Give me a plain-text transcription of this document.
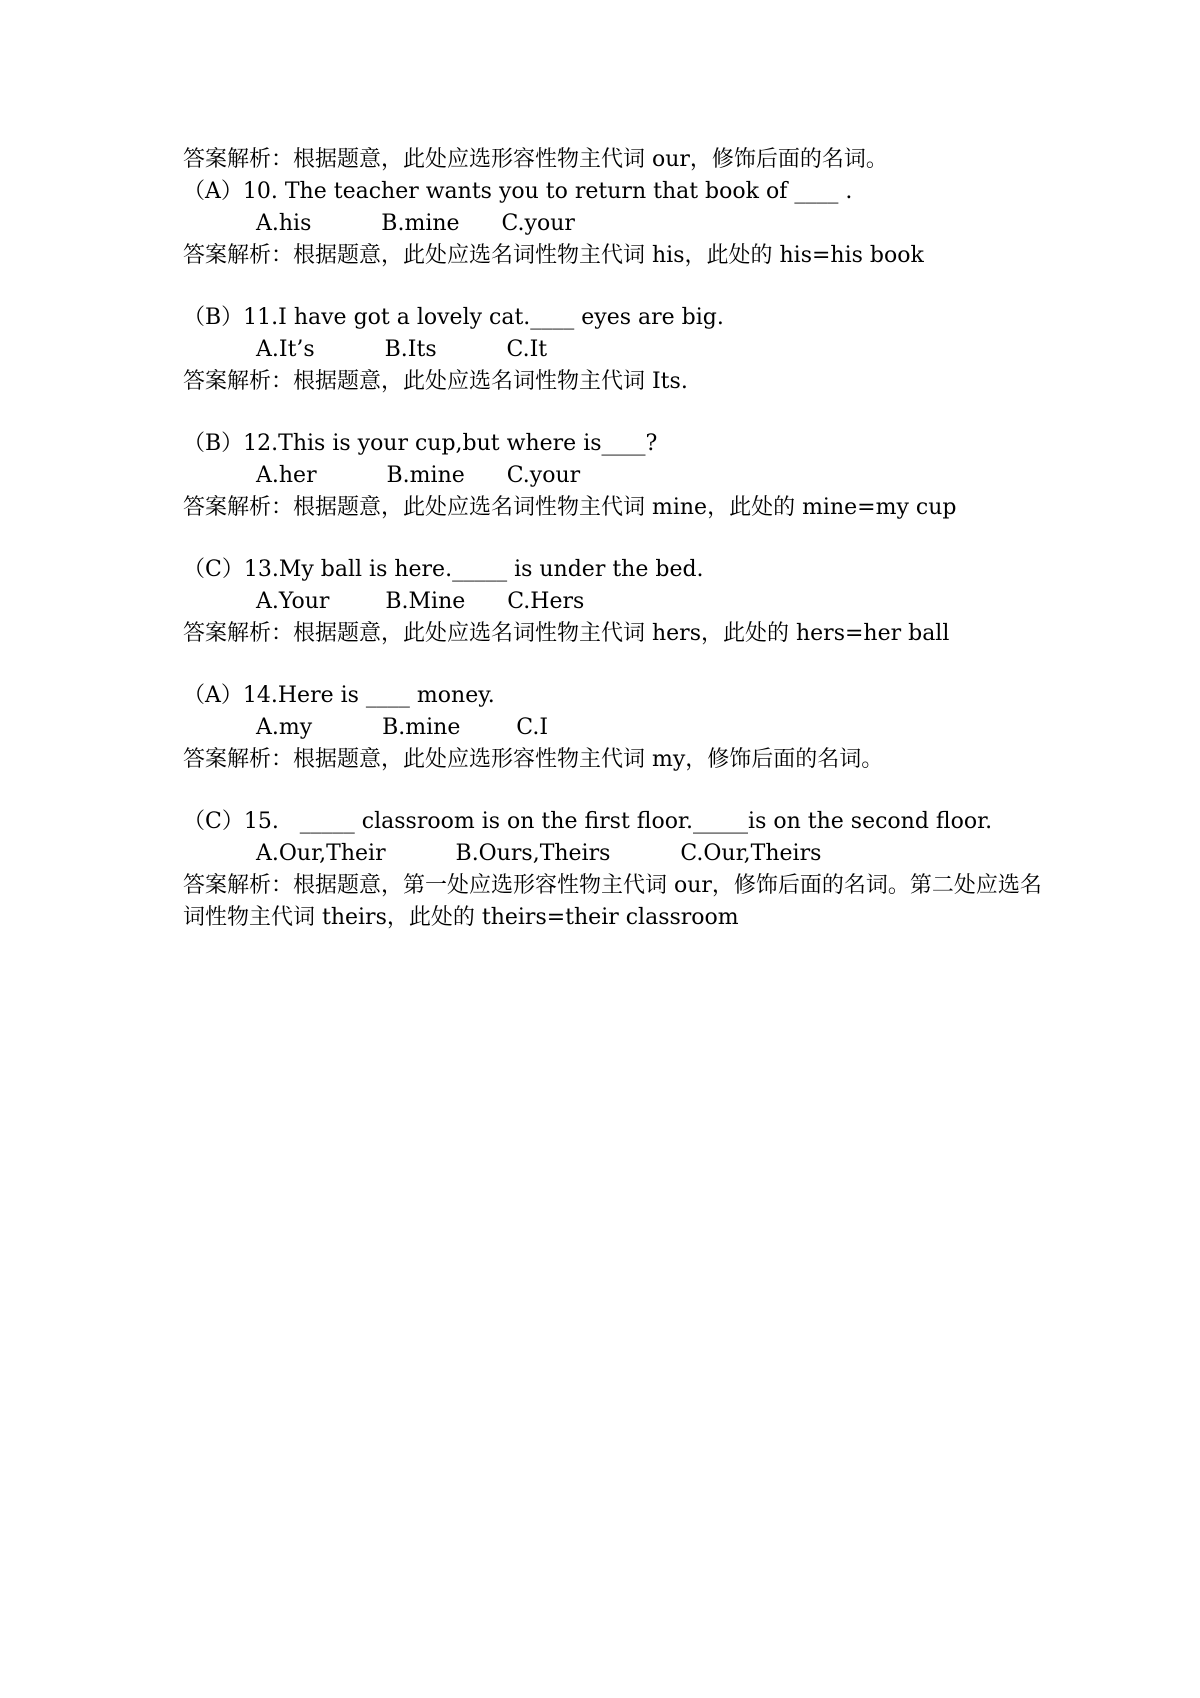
答案解析：根据题意，此处应选形容性物主代词 our，修饰后面的名词。

（A）10. The teacher wants you to return that book of ____ .

A.his          B.mine      C.your

答案解析：根据题意，此处应选名词性物主代词 his，此处的 his=his book

（B）11.I have got a lovely cat.____ eyes are big.

A.It’s          B.Its          C.It

答案解析：根据题意，此处应选名词性物主代词 Its.

（B）12.This is your cup,but where is____?

A.her          B.mine      C.your

答案解析：根据题意，此处应选名词性物主代词 mine，此处的 mine=my cup

（C）13.My ball is here._____ is under the bed.

A.Your        B.Mine      C.Hers

答案解析：根据题意，此处应选名词性物主代词 hers，此处的 hers=her ball

（A）14.Here is ____ money.

A.my          B.mine        C.I

答案解析：根据题意，此处应选形容性物主代词 my，修饰后面的名词。

（C）15.   _____ classroom is on the first floor._____is on the second floor.

A.Our,Their          B.Ours,Theirs          C.Our,Theirs

答案解析：根据题意，第一处应选形容性物主代词 our，修饰后面的名词。第二处应选名词性物主代词 theirs，此处的 theirs=their classroom
